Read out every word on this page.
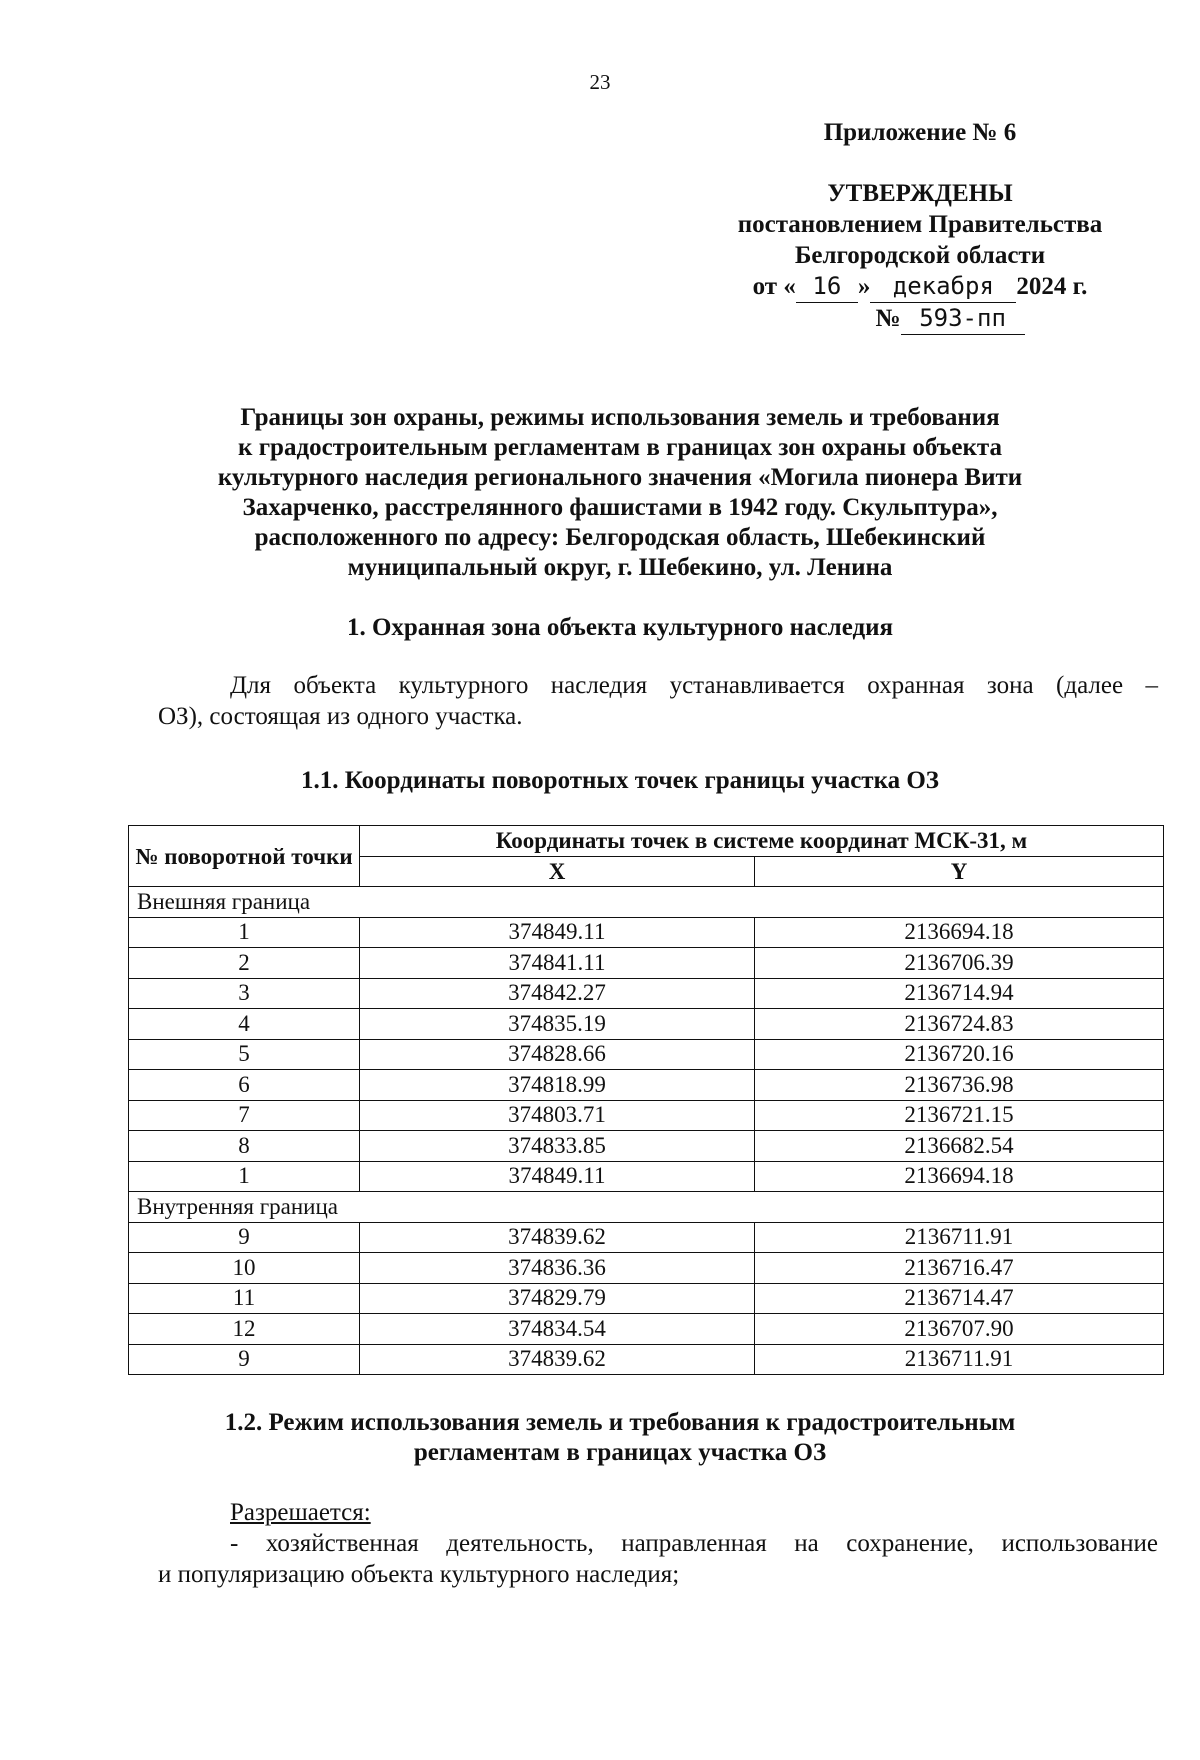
23
Приложение № 6
УТВЕРЖДЕНЫ
постановлением Правительства
Белгородской области
от « 16 » декабря 2024 г.
№ 593-пп
Границы зон охраны, режимы использования земель и требования
к градостроительным регламентам в границах зон охраны объекта
культурного наследия регионального значения «Могила пионера Вити
Захарченко, расстрелянного фашистами в 1942 году. Скульптура»,
расположенного по адресу: Белгородская область, Шебекинский
муниципальный округ, г. Шебекино, ул. Ленина
1. Охранная зона объекта культурного наследия
Для объекта культурного наследия устанавливается охранная зона (далее –
ОЗ), состоящая из одного участка.
1.1. Координаты поворотных точек границы участка ОЗ
№ поворотной точки	Координаты точек в системе координат МСК-31, м	
	X	Y
Внешняя граница		
1	374849.11	2136694.18
2	374841.11	2136706.39
3	374842.27	2136714.94
4	374835.19	2136724.83
5	374828.66	2136720.16
6	374818.99	2136736.98
7	374803.71	2136721.15
8	374833.85	2136682.54
1	374849.11	2136694.18
Внутренняя граница		
9	374839.62	2136711.91
10	374836.36	2136716.47
11	374829.79	2136714.47
12	374834.54	2136707.90
9	374839.62	2136711.91
1.2. Режим использования земель и требования к градостроительным
регламентам в границах участка ОЗ
Разрешается:
- хозяйственная деятельность, направленная на сохранение, использование
и популяризацию объекта культурного наследия;
